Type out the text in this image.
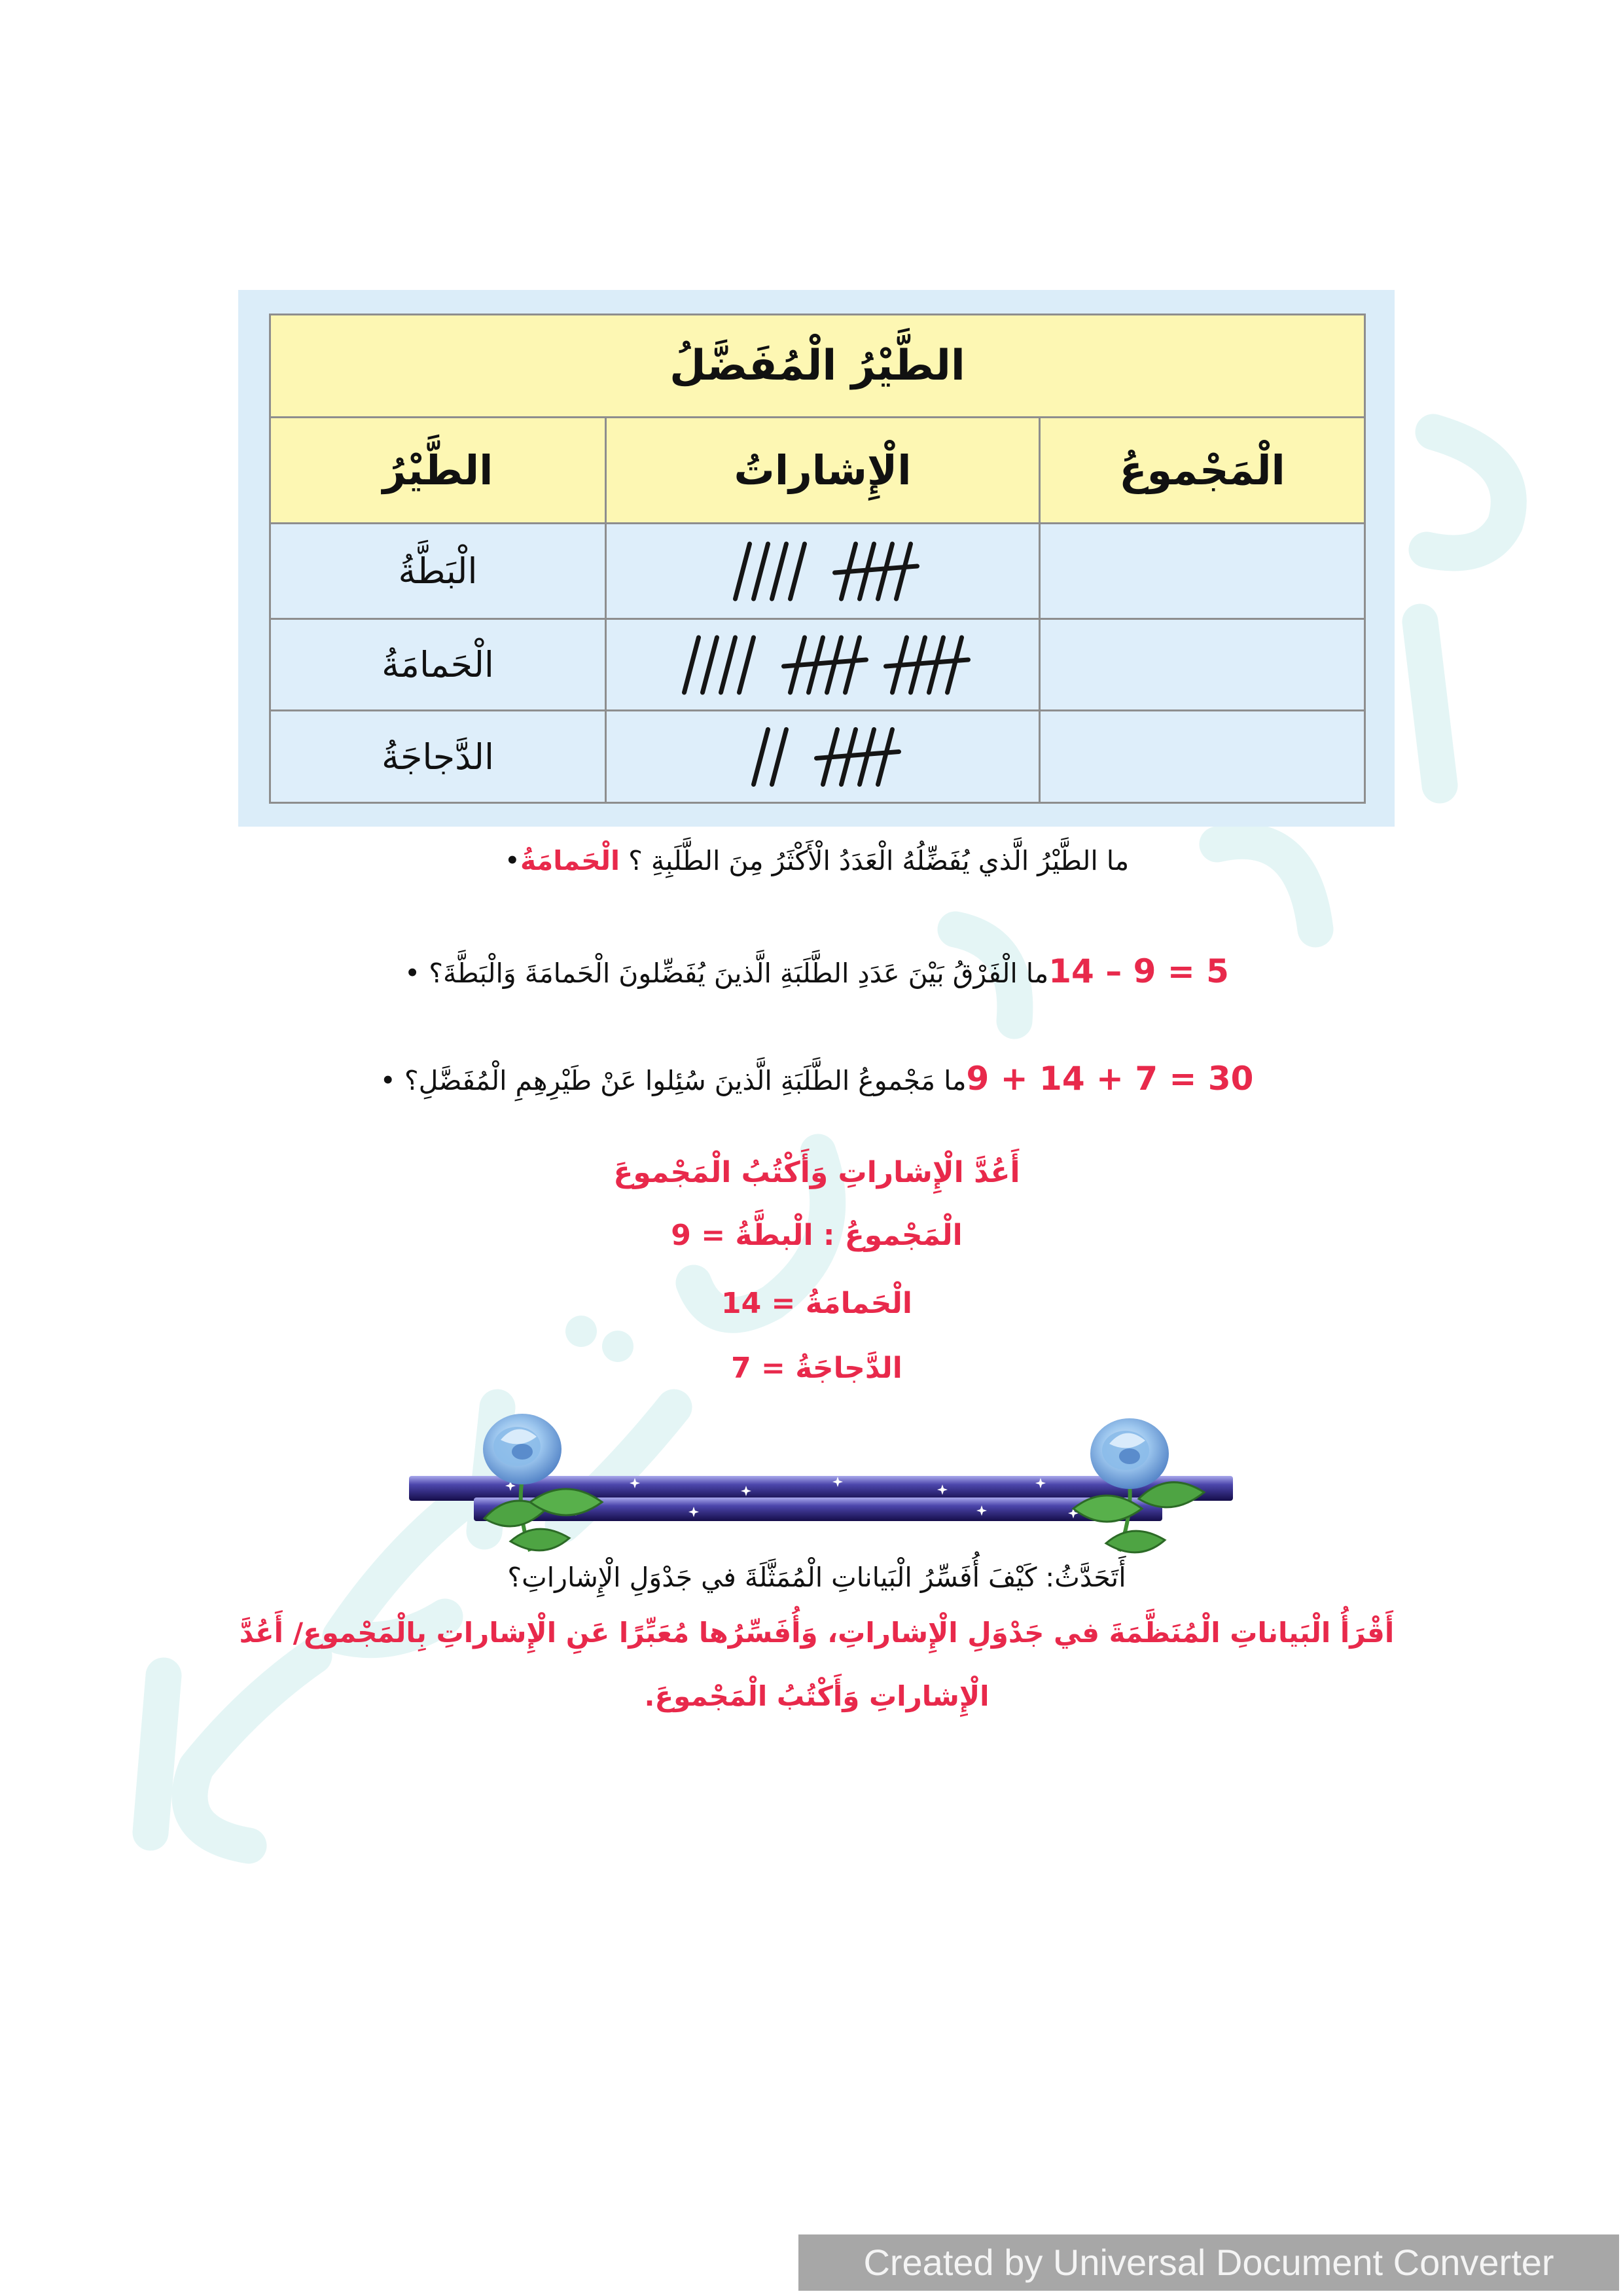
الطَّيْرُ الْمُفَضَّلُ		
الطَّيْرُ	الْإِشاراتُ	الْمَجْموعُ
الْبَطَّةُ	

الْحَمامَةُ	

الدَّجاجَةُ	

ما الطَّيْرُ الَّذي يُفَضِّلُهُ الْعَدَدُ الْأَكْثَرُ مِنَ الطَّلَبِةِ ؟ الْحَمامَةُ•
14 – 9 = 5ما الْفَرْقُ بَيْنَ عَدَدِ الطَّلَبَةِ الَّذينَ يُفَضِّلونَ الْحَمامَةَ وَالْبَطَّةَ؟ •
9 + 14 + 7 = 30ما مَجْموعُ الطَّلَبَةِ الَّذينَ سُئِلوا عَنْ طَيْرِهِمِ الْمُفَضَّلِ؟ •
أَعُدَّ الْإِشاراتِ وَأَكْتُبُ الْمَجْموعَ
الْمَجْموعُ : الْبطَّةُ = 9
الْحَمامَةُ = 14
الدَّجاجَةُ = 7
أَتَحَدَّثُ: كَيْفَ أُفَسِّرُ الْبَياناتِ الْمُمَثَّلَةَ في جَدْوَلِ الْإِشاراتِ؟
أَقْرَأُ الْبَياناتِ الْمُنَظَّمَةَ في جَدْوَلِ الْإِشاراتِ، وَأُفَسِّرُها مُعَبِّرًا عَنِ الْإِشاراتِ بِالْمَجْموع/ أَعُدَّ
الْإِشاراتِ وَأَكْتُبُ الْمَجْموعَ.
Created by Universal Document Converter
